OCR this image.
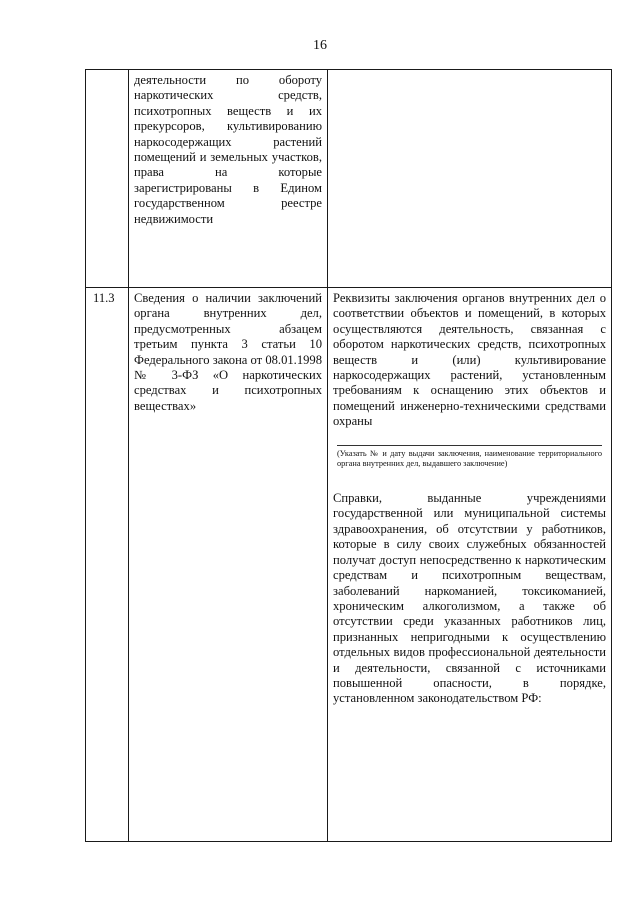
16

	деятельности по обороту наркотических средств, психотропных веществ и их прекурсоров, культивированию наркосодержащих растений помещений и земельных участков, права на которые зарегистрированы в Едином государственном реестре недвижимости	

11.3	Сведения о наличии заключений органа внутренних дел, предусмотренных абзацем третьим пункта 3 статьи 10 Федерального закона от 08.01.1998 № 3-ФЗ «О наркотических средствах и психотропных веществах»	Реквизиты заключения органов внутренних дел о соответствии объектов и помещений, в которых осуществляются деятельность, связанная с оборотом наркотических средств, психотропных веществ и (или) культивирование наркосодержащих растений, установленным требованиям к оснащению этих объектов и помещений инженерно-техническими средствами охраны
(Указать № и дату выдачи заключения, наименование территориального органа внутренних дел, выдавшего заключение)
Справки, выданные учреждениями государственной или муниципальной системы здравоохранения, об отсутствии у работников, которые в силу своих служебных обязанностей получат доступ непосредственно к наркотическим средствам и психотропным веществам, заболеваний наркоманией, токсикоманией, хроническим алкоголизмом, а также об отсутствии среди указанных работников лиц, признанных непригодными к осуществлению отдельных видов профессиональной деятельности и деятельности, связанной с источниками повышенной опасности, в порядке, установленном законодательством РФ:
